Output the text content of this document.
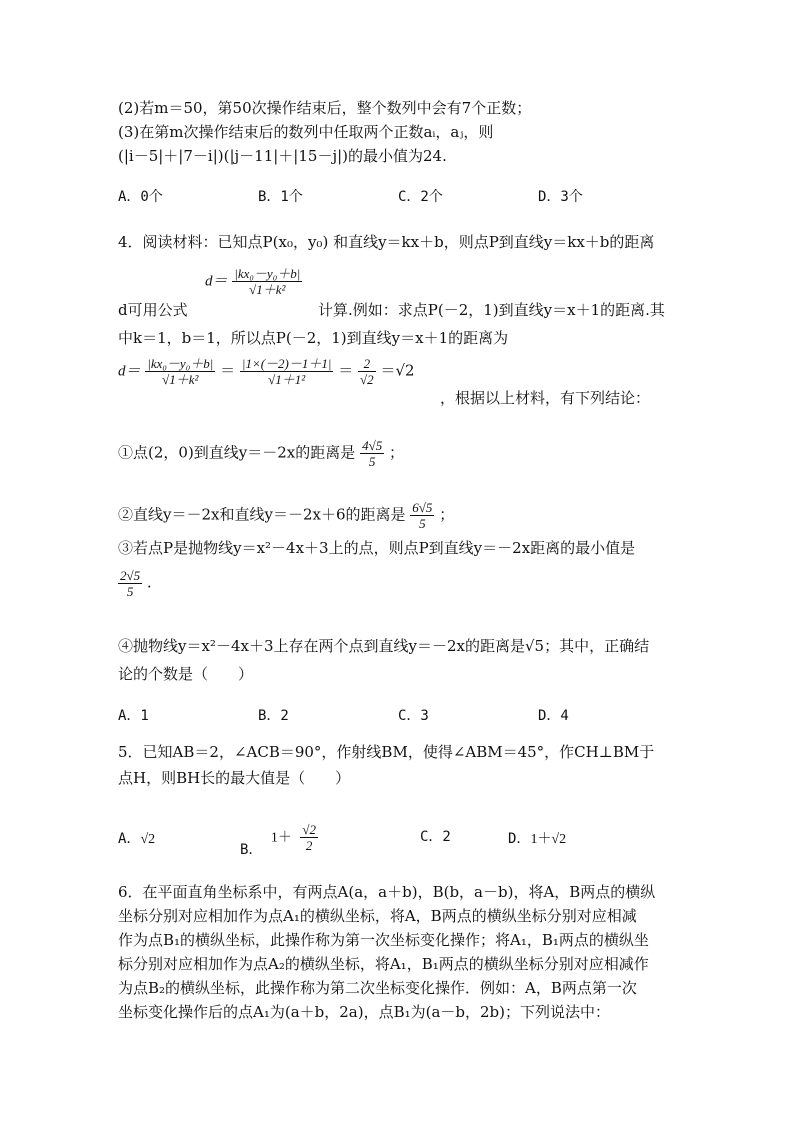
(2)若m＝50，第50次操作结束后，整个数列中会有7个正数；
(3)在第m次操作结束后的数列中任取两个正数aᵢ，aⱼ，则
(|i－5|＋|7－i|)(|j－11|＋|15－j|)的最小值为24.
A．0个	B．1个	C．2个	D．3个
4．阅读材料：已知点P(x₀，y₀) 和直线y＝kx＋b，则点P到直线y＝kx＋b的距离
$d= \frac{\text{|kx₀－y₀＋b|}}{\text{√1＋k²}}$
d可用公式	计算.例如：求点P(－2，1)到直线y＝x＋1的距离.其
中k＝1，b＝1，所以点P(－2，1)到直线y＝x＋1的距离为
$d= \frac{\text{|kx₀－y₀＋b|}}{\text{√1＋k²}} = \frac{|1\times(-2)-1+1|}{\text{√1＋1²}} = \frac{2}{√2} =√2$
，根据以上材料，有下列结论：
①点(2，0)到直线y＝－2x的距离是 $\frac{4√5}{5}$ ；
②直线y＝－2x和直线y＝－2x＋6的距离是 $\frac{6√5}{5}$ ；
③若点P是抛物线y＝x²－4x＋3上的点，则点P到直线y＝－2x距离的最小值是
$\frac{2√5}{5}$ .
④抛物线y＝x²－4x＋3上存在两个点到直线y＝－2x的距离是√5；其中，正确结
论的个数是（　　）
A．1	B．2	C．3	D．4
5．已知AB＝2，∠ACB＝90°，作射线BM，使得∠ABM＝45°，作CH⊥BM于
点H，则BH长的最大值是（　　）
A．√2
B． $1+ \frac{√2}{2}$	C．2	D．1＋√2
6．在平面直角坐标系中，有两点A(a，a＋b)，B(b，a－b)，将A，B两点的横纵
坐标分别对应相加作为点A₁的横纵坐标，将A，B两点的横纵坐标分别对应相减
作为点B₁的横纵坐标，此操作称为第一次坐标变化操作；将A₁，B₁两点的横纵坐
标分别对应相加作为点A₂的横纵坐标，将A₁，B₁两点的横纵坐标分别对应相减作
为点B₂的横纵坐标，此操作称为第二次坐标变化操作．例如：A，B两点第一次
坐标变化操作后的点A₁为(a＋b，2a)，点B₁为(a－b，2b)；下列说法中：
